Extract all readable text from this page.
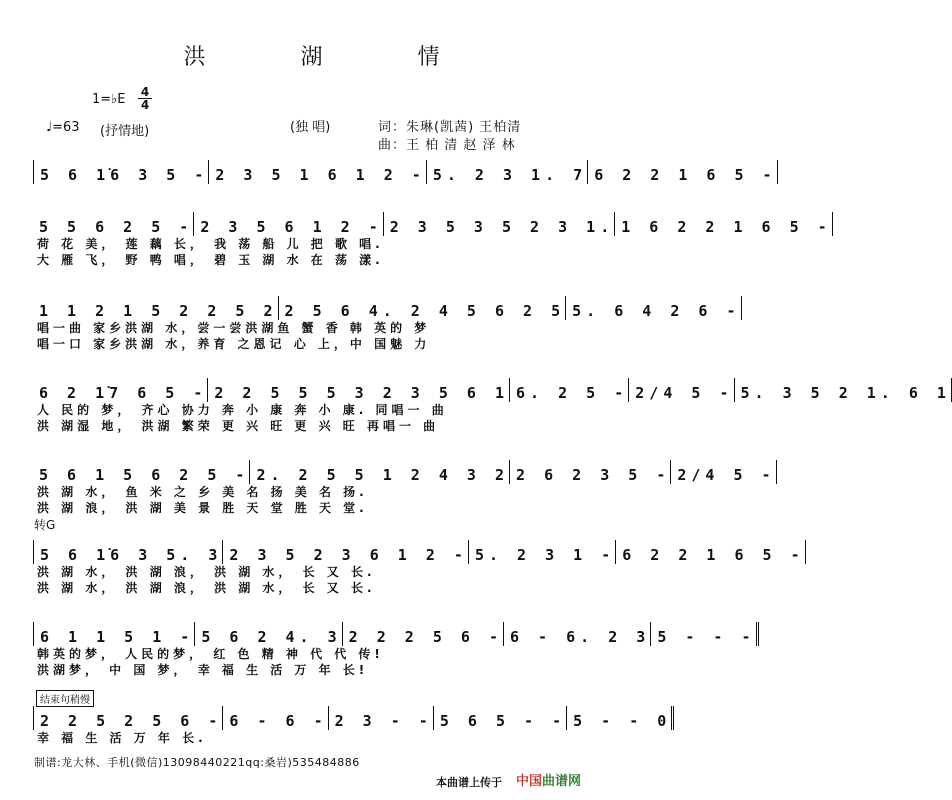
洪 湖 情
1=♭E 4
4
♩=63 (抒情地)	(独 唱)	词：朱琳(凯茜) 王柏清
曲：王 柏 清 赵 泽 林
转G
结束句稍慢
5 6 1̇6 3 5 - 2 3 5 1 6 1 2 - 5. 2 3 1. 7 6 2 2 1 6 5 -
5 5 6 2 5 - 2 3 5 6 1 2 - 2 3 5 3 5 2 3 1. 1 6 2 2 1 6 5 -
荷 花 美， 莲 藕 长， 我 荡 船 儿 把 歌 唱.
大 雁 飞， 野 鸭 唱， 碧 玉 湖 水 在 荡 漾.
1 1 2 1 5 2 2 5 2 2 5 6 4. 2 4 5 6 2 5 5. 6 4 2 6 -
唱一曲 家乡洪湖 水，尝一尝洪湖鱼 蟹 香 韩 英的 梦
唱一口 家乡洪湖 水，养育 之恩记 心 上，中 国魅 力
6 2 1̇7 6 5 - 2 2 5 5 5 3 2 3 5 6 1 6. 2 5 - 2/4 5 - 5. 3 5 2 1. 6 1
人 民的 梦， 齐心 协力 奔 小 康 奔 小 康. 同唱一 曲
洪 湖湿 地， 洪湖 繁荣 更 兴 旺 更 兴 旺 再唱一 曲
5 6 1 5 6 2 5 - 2. 2 5 5 1 2 4 3 2 2 6 2 3 5 - 2/4 5 -
洪 湖 水， 鱼 米 之 乡 美 名 扬 美 名 扬.
洪 湖 浪， 洪 湖 美 景 胜 天 堂 胜 天 堂.
5 6 1̇6 3 5. 3 2 3 5 2 3 6 1 2 - 5. 2 3 1 - 6 2 2 1 6 5 -
洪 湖 水， 洪 湖 浪， 洪 湖 水， 长 又 长.
洪 湖 水， 洪 湖 浪， 洪 湖 水， 长 又 长.
6 1 1 5 1 - 5 6 2 4. 3 2 2 2 5 6 - 6 - 6. 2 3 5 - - -
韩英的梦， 人民的梦， 红 色 精 神 代 代 传!
洪湖梦， 中 国 梦， 幸 福 生 活 万 年 长!
2 2 5 2 5 6 - 6 - 6 - 2 3 - - 5 6 5 - - 5 - - 0
幸 福 生 活 万 年 长.
制谱:龙大林、手机(微信)13098440221qq:桑岩)535484886
本曲谱上传于 中国曲谱网
